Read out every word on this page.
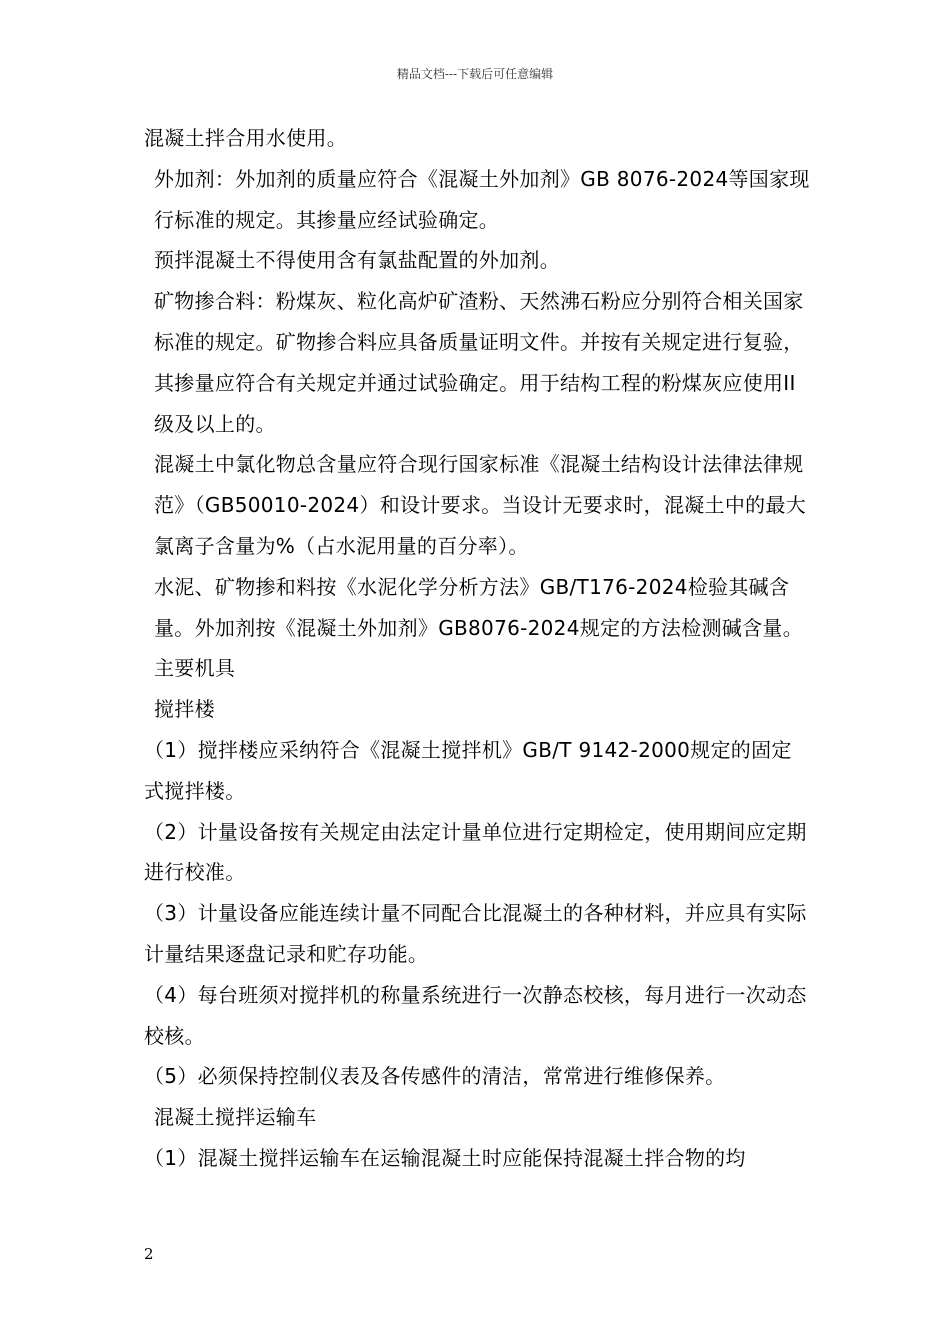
精品文档---下载后可任意编辑

混凝土拌合用水使用。

外加剂：外加剂的质量应符合《混凝土外加剂》GB 8076-2024等国家现行标准的规定。其掺量应经试验确定。

预拌混凝土不得使用含有氯盐配置的外加剂。

矿物掺合料：粉煤灰、粒化高炉矿渣粉、天然沸石粉应分别符合相关国家标准的规定。矿物掺合料应具备质量证明文件。并按有关规定进行复验，其掺量应符合有关规定并通过试验确定。用于结构工程的粉煤灰应使用II级及以上的。

混凝土中氯化物总含量应符合现行国家标准《混凝土结构设计法律法律规范》（GB50010-2024）和设计要求。当设计无要求时，混凝土中的最大氯离子含量为%（占水泥用量的百分率）。

水泥、矿物掺和料按《水泥化学分析方法》GB/T176-2024检验其碱含量。外加剂按《混凝土外加剂》GB8076-2024规定的方法检测碱含量。

主要机具

搅拌楼

（1）搅拌楼应采纳符合《混凝土搅拌机》GB/T 9142-2000规定的固定式搅拌楼。

（2）计量设备按有关规定由法定计量单位进行定期检定，使用期间应定期进行校准。

（3）计量设备应能连续计量不同配合比混凝土的各种材料，并应具有实际计量结果逐盘记录和贮存功能。

（4）每台班须对搅拌机的称量系统进行一次静态校核，每月进行一次动态校核。

（5）必须保持控制仪表及各传感件的清洁，常常进行维修保养。

混凝土搅拌运输车

（1）混凝土搅拌运输车在运输混凝土时应能保持混凝土拌合物的均

2
